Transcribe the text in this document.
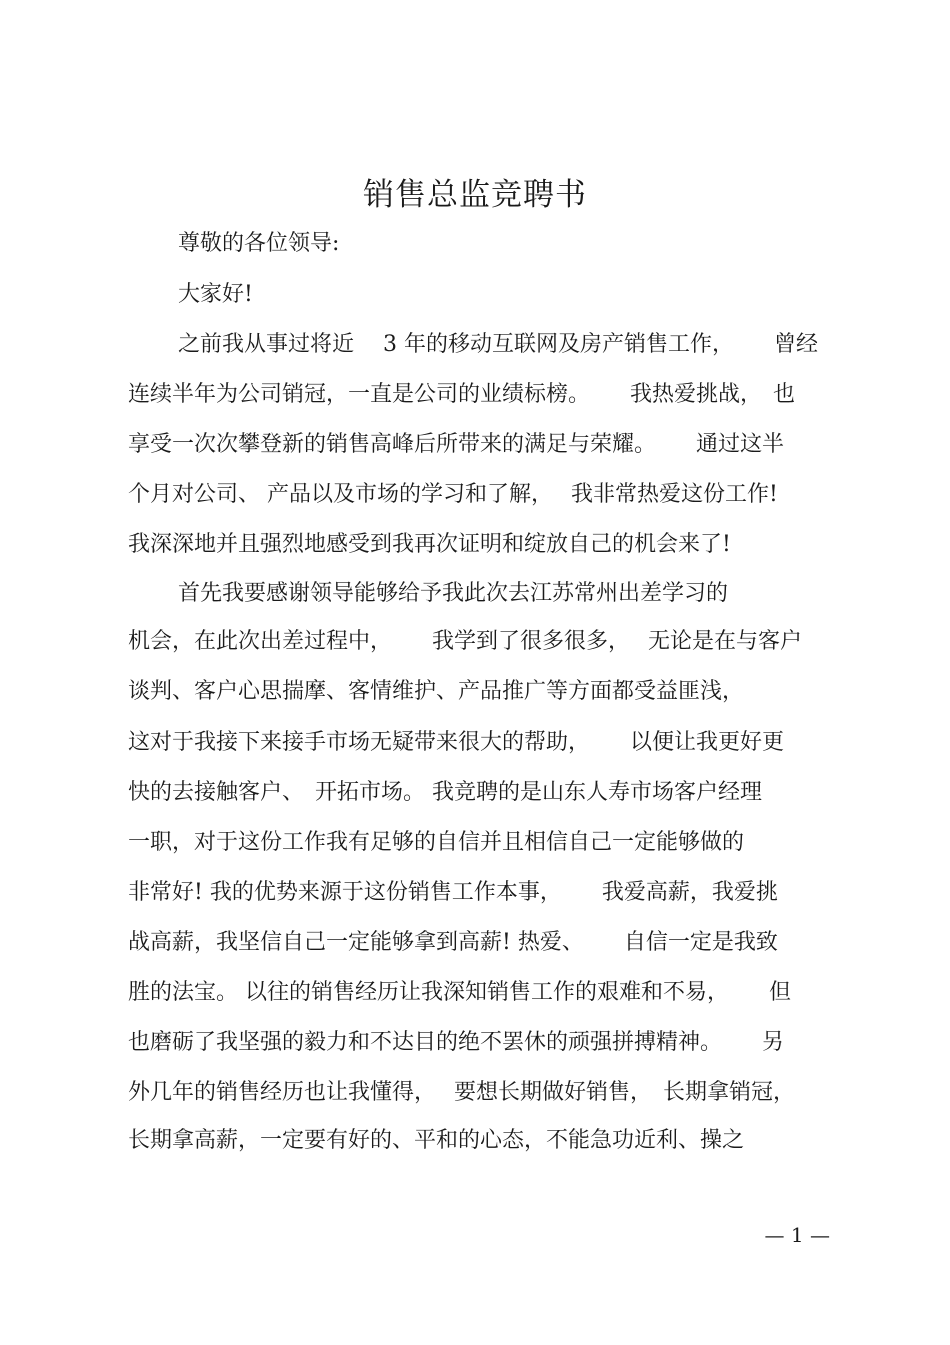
销售总监竞聘书
尊敬的各位领导:
大家好!
之前我从事过将近　 3 年的移动互联网及房产销售工作，　　 曾经
连续半年为公司销冠，一直是公司的业绩标榜。　　 我热爱挑战，　也
享受一次次攀登新的销售高峰后所带来的满足与荣耀。　　 通过这半
个月对公司、 产品以及市场的学习和了解，　 我非常热爱这份工作!
我深深地并且强烈地感受到我再次证明和绽放自己的机会来了!
首先我要感谢领导能够给予我此次去江苏常州出差学习的
机会，在此次出差过程中，　　 我学到了很多很多，　 无论是在与客户
谈判、客户心思揣摩、客情维护、产品推广等方面都受益匪浅，
这对于我接下来接手市场无疑带来很大的帮助，　　 以便让我更好更
快的去接触客户、　开拓市场。 我竞聘的是山东人寿市场客户经理
一职，对于这份工作我有足够的自信并且相信自己一定能够做的
非常好! 我的优势来源于这份销售工作本事，　　 我爱高薪，我爱挑
战高薪，我坚信自己一定能够拿到高薪! 热爱、　　 自信一定是我致
胜的法宝。 以往的销售经历让我深知销售工作的艰难和不易，　　 但
也磨砺了我坚强的毅力和不达目的绝不罢休的顽强拼搏精神。　　 另
外几年的销售经历也让我懂得，　 要想长期做好销售，　长期拿销冠，
长期拿高薪，一定要有好的、平和的心态，不能急功近利、操之
— 1 —
